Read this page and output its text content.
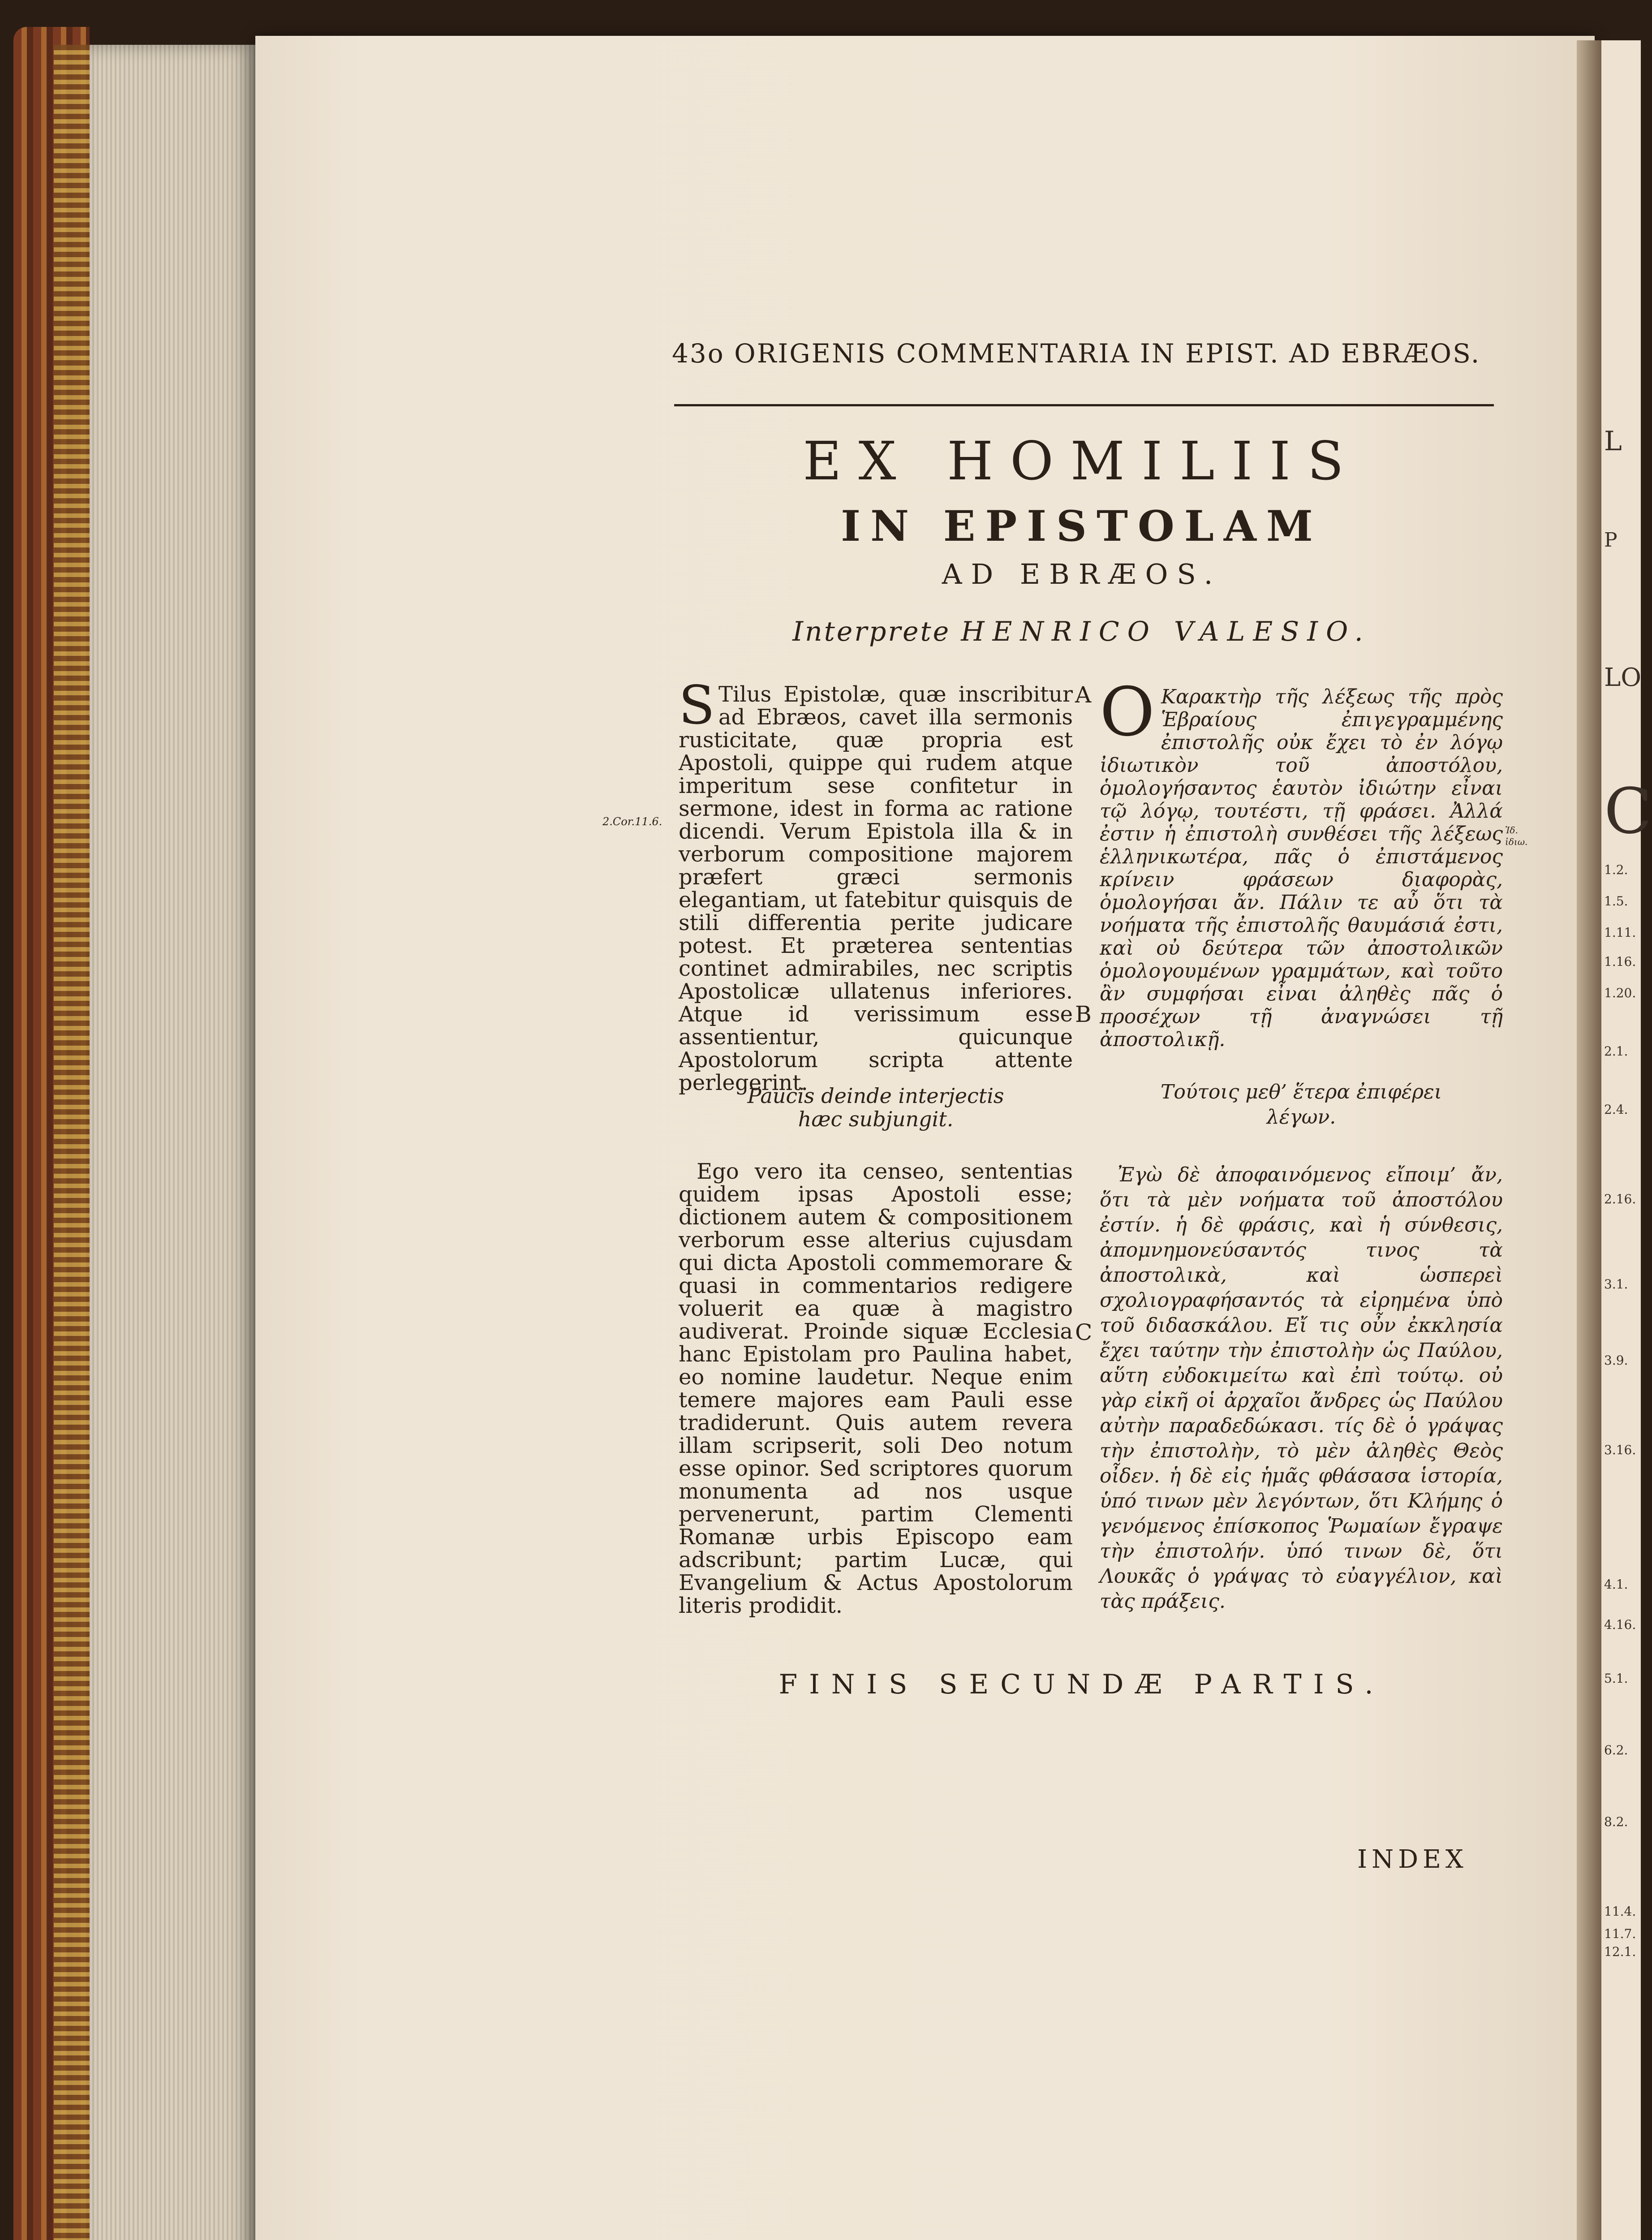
L
P
LO
C
1.2.
1.5.
1.11.
1.16.
1.20.
2.1.
2.4.
2.16.
3.1.
3.9.
3.16.
4.1.
4.16.
5.1.
6.2.
8.2.
11.4.
11.7.
12.1.
43o ORIGENIS COMMENTARIA IN EPIST. AD EBRÆOS.
EX HOMILIIS
IN EPISTOLAM
AD EBRÆOS.
Interprete HENRICO VALESIO.
A
B
C
2.Cor.11.6.
Ἰδ. ἰδιω.
S Tilus Epistolæ, quæ inscribitur ad Ebræos, cavet illa sermonis rusticitate, quæ propria est Apostoli, quippe qui rudem atque imperitum sese confitetur in sermone, idest in forma ac ratione dicendi. Verum Epistola illa & in verborum compositione majorem præfert græci sermonis elegantiam, ut fatebitur quisquis de stili differentia perite judicare potest. Et præterea sententias continet admirabiles, nec scriptis Apostolicæ ullatenus inferiores. Atque id verissimum esse assentientur, quicunque Apostolorum scripta attente perlegerint.
Paucis deinde interjectis
hæc subjungit.
Ego vero ita censeo, sententias quidem ipsas Apostoli esse; dictionem autem & compositionem verborum esse alterius cujusdam qui dicta Apostoli commemorare & quasi in commentarios redigere voluerit ea quæ à magistro audiverat. Proinde siquæ Ecclesia hanc Epistolam pro Paulina habet, eo nomine laudetur. Neque enim temere majores eam Pauli esse tradiderunt. Quis autem revera illam scripserit, soli Deo notum esse opinor. Sed scriptores quorum monumenta ad nos usque pervenerunt, partim Clementi Romanæ urbis Episcopo eam adscribunt; partim Lucæ, qui Evangelium & Actus Apostolorum literis prodidit.
Ο Καρακτὴρ τῆς λέξεως τῆς πρὸς Ἑβραίους ἐπιγεγραμμένης ἐπιστολῆς οὐκ ἔχει τὸ ἐν λόγῳ ἰδιωτικὸν τοῦ ἀποστόλου, ὁμολογήσαντος ἑαυτὸν ἰδιώτην εἶναι τῷ λόγῳ, τουτέστι, τῇ φράσει. Ἀλλά ἐστιν ἡ ἐπιστολὴ συνθέσει τῆς λέξεως ἑλληνικωτέρα, πᾶς ὁ ἐπιστάμενος κρίνειν φράσεων διαφορὰς, ὁμολογήσαι ἄν. Πάλιν τε αὖ ὅτι τὰ νοήματα τῆς ἐπιστολῆς θαυμάσιά ἐστι, καὶ οὐ δεύτερα τῶν ἀποστολικῶν ὁμολογουμένων γραμμάτων, καὶ τοῦτο ἂν συμφήσαι εἶναι ἀληθὲς πᾶς ὁ προσέχων τῇ ἀναγνώσει τῇ ἀποστολικῇ.
Τούτοις μεθ’ ἕτερα ἐπιφέρει
λέγων.
Ἐγὼ δὲ ἀποφαινόμενος εἴποιμ’ ἄν, ὅτι τὰ μὲν νοήματα τοῦ ἀποστόλου ἐστίν. ἡ δὲ φράσις, καὶ ἡ σύνθεσις, ἀπομνημονεύσαντός τινος τὰ ἀποστολικὰ, καὶ ὡσπερεὶ σχολιογραφήσαντός τὰ εἰρημένα ὑπὸ τοῦ διδασκάλου. Εἴ τις οὖν ἐκκλησία ἔχει ταύτην τὴν ἐπιστολὴν ὡς Παύλου, αὕτη εὐδοκιμείτω καὶ ἐπὶ τούτῳ. οὐ γὰρ εἰκῆ οἱ ἀρχαῖοι ἄνδρες ὡς Παύλου αὐτὴν παραδεδώκασι. τίς δὲ ὁ γράψας τὴν ἐπιστολὴν, τὸ μὲν ἀληθὲς Θεὸς οἶδεν. ἡ δὲ εἰς ἡμᾶς φθάσασα ἱστορία, ὑπό τινων μὲν λεγόντων, ὅτι Κλήμης ὁ γενόμενος ἐπίσκοπος Ῥωμαίων ἔγραψε τὴν ἐπιστολήν. ὑπό τινων δὲ, ὅτι Λουκᾶς ὁ γράψας τὸ εὐαγγέλιον, καὶ τὰς πράξεις.
FINIS SECUNDÆ PARTIS.
INDEX
